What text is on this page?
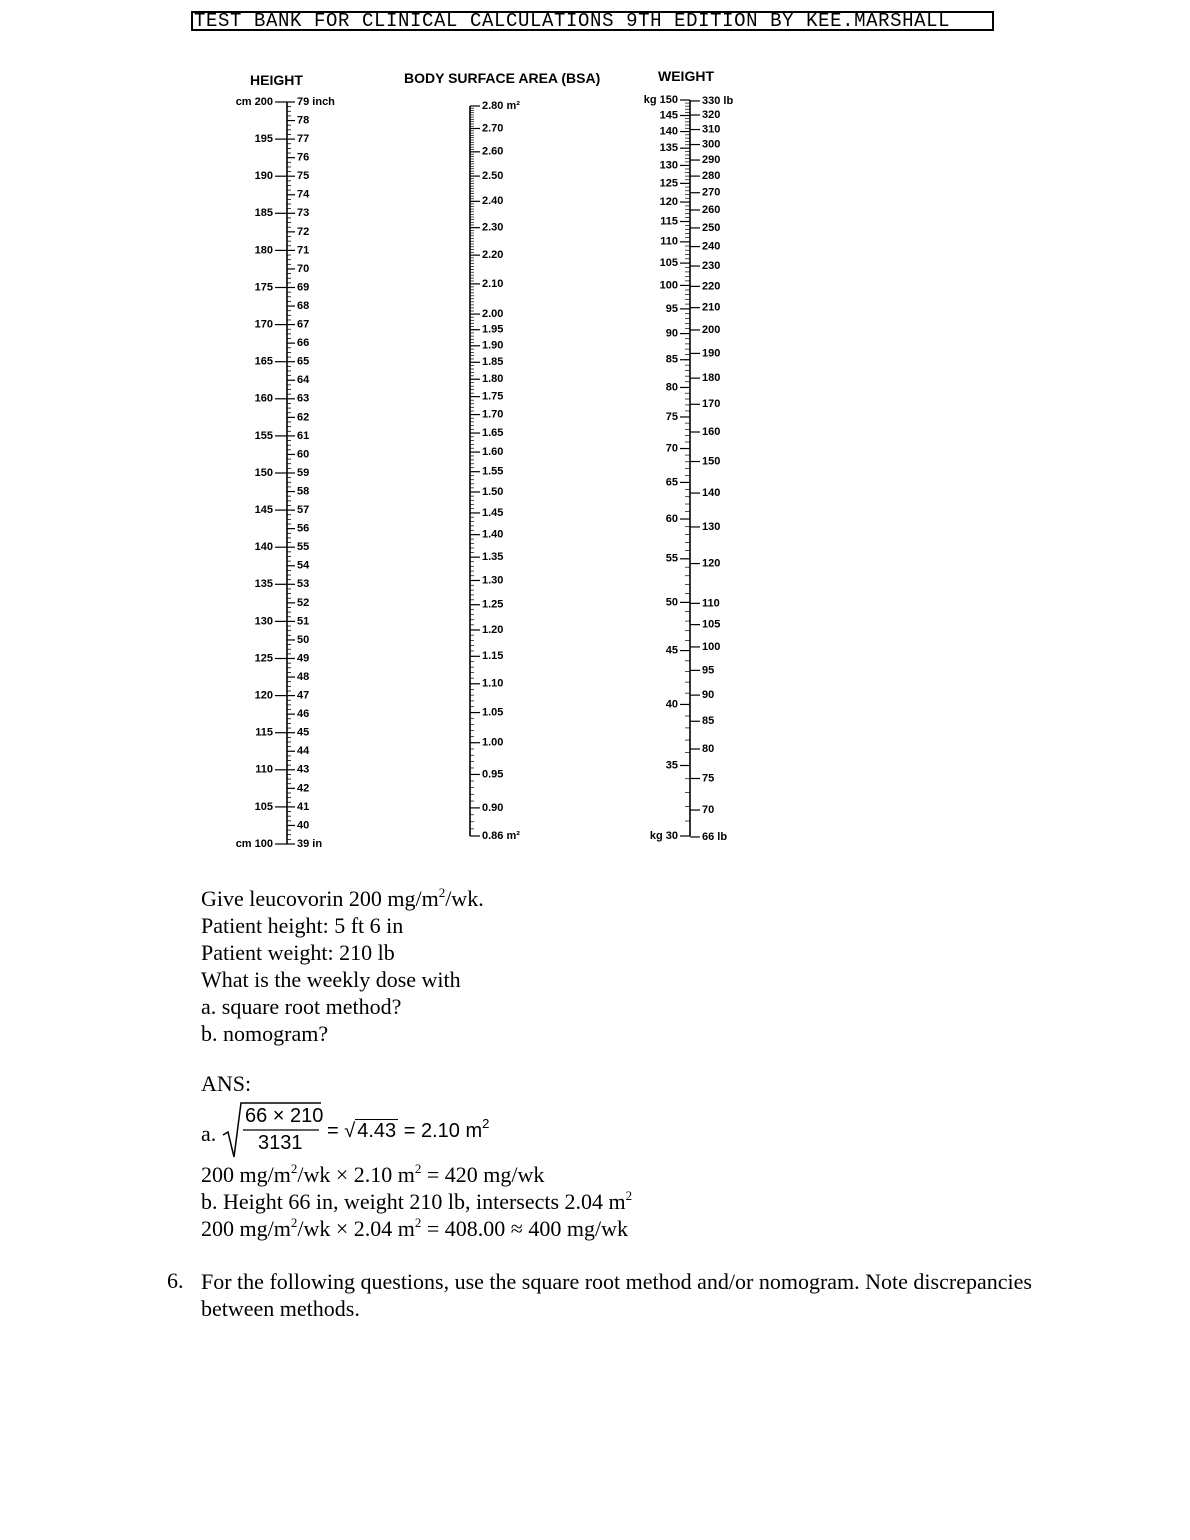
TEST BANK FOR CLINICAL CALCULATIONS 9TH EDITION BY KEE.MARSHALL
HEIGHT	BODY SURFACE AREA (BSA)	WEIGHT
79 inch
78
77
76
75
74
73
72
71
70
69
68
67
66
65
64
63
62
61
60
59
58
57
56
55
54
53
52
51
50
49
48
47
46
45
44
43
42
41
40
39 in
cm 200
195
190
185
180
175
170
165
160
155
150
145
140
135
130
125
120
115
110
105
cm 100
2.80 m²
2.70
2.60
2.50
2.40
2.30
2.20
2.10
2.00
1.95
1.90
1.85
1.80
1.75
1.70
1.65
1.60
1.55
1.50
1.45
1.40
1.35
1.30
1.25
1.20
1.15
1.10
1.05
1.00
0.95
0.90
0.86 m²
kg 150
145
140
135
130
125
120
115
110
105
100
95
90
85
80
75
70
65
60
55
50
45
40
35
kg 30
330 lb
320
310
300
290
280
270
260
250
240
230
220
210
200
190
180
170
160
150
140
130
120
110
105
100
95
90
85
80
75
70
66 lb
Give leucovorin 200 $mg/m^2/wk$.
Patient height: 5 ft 6 in
Patient weight: 210 lb
What is the weekly dose with
a. square root method?
b. nomogram?
ANS:
a.
66 × 210
3131
= √ 4.43 = 2.10 $m^2$
200 $mg/m^2/wk \times 2.10$ $m^2 = 420$ mg/wk
b. Height 66 in, weight 210 lb, intersects 2.04 $m^2$
200 $mg/m^2/wk \times 2.04$ $m^2 = 408.00 \approx 400$ mg/wk
6. For the following questions, use the square root method and/or nomogram. Note discrepancies between methods.
